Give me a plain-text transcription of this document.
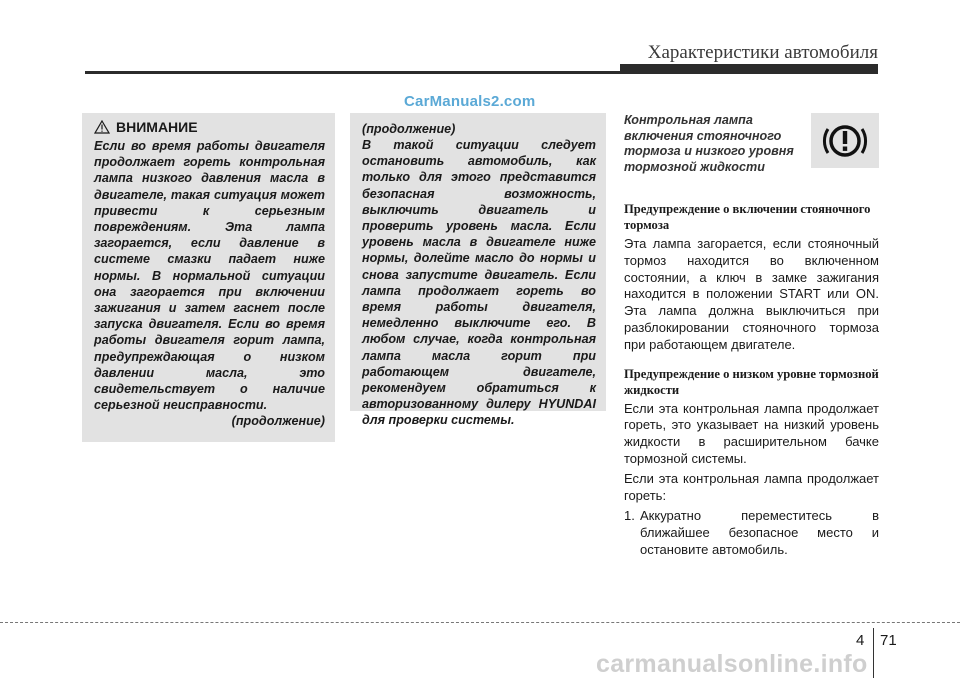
Характеристики автомобиля
CarManuals2.com
ВНИМАНИЕ
Если во время работы двигателя продолжает гореть контрольная лампа низкого давления масла в двигателе, такая ситуация может привести к серьезным повреждениям. Эта лампа загорается, если давление в системе смазки падает ниже нормы. В нормальной ситуации она загорается при включении зажигания и затем гаснет после запуска двигателя. Если во время работы двигателя горит лампа, предупреждающая о низком давлении масла, это свидетельствует о наличие серьезной неисправности.
(продолжение)
(продолжение)
В такой ситуации следует остановить автомобиль, как только для этого представится безопасная возможность, выключить двигатель и проверить уровень масла. Если уровень масла в двигателе ниже нормы, долейте масло до нормы и снова запустите двигатель. Если лампа продолжает гореть во время работы двигателя, немедленно выключите его. В любом случае, когда контрольная лампа масла горит при работающем двигателе, рекомендуем обратиться к авторизованному дилеру HYUNDAI для проверки системы.
Контрольная лампа включения стояночного тормоза и низкого уровня тормозной жидкости
Предупреждение о включении стояночного тормоза
Эта лампа загорается, если стояночный тормоз находится во включенном состоянии, а ключ в замке зажигания находится в положении START или ON. Эта лампа должна выключиться при разблокировании стояночного тормоза при работающем двигателе.
Предупреждение о низком уровне тормозной жидкости
Если эта контрольная лампа продолжает гореть, это указывает на низкий уровень жидкости в расширительном бачке тормозной системы.
Если эта контрольная лампа продолжает гореть:
1. Аккуратно переместитесь в ближайшее безопасное место и остановите автомобиль.
4 71
carmanualsonline.info
